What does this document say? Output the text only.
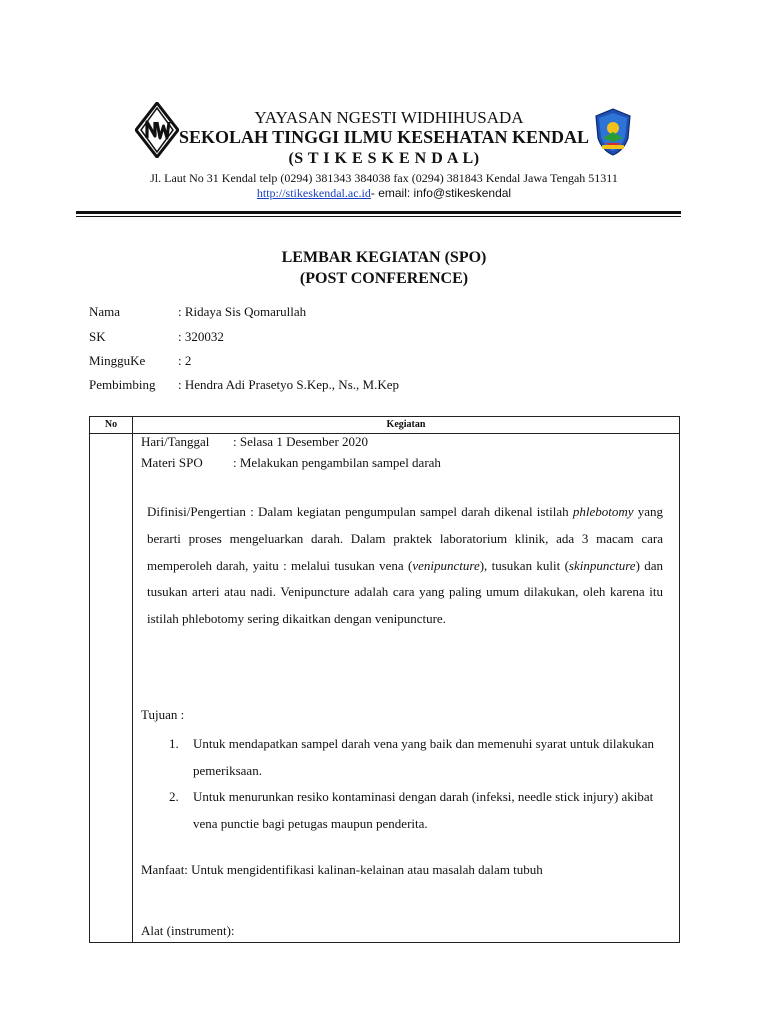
YAYASAN NGESTI WIDHIHUSADA
SEKOLAH TINGGI ILMU KESEHATAN KENDAL
(S T I K E S K E N D A L)
Jl. Laut No 31 Kendal telp (0294) 381343 384038 fax (0294) 381843 Kendal Jawa Tengah 51311
http://stikeskendal.ac.id- email: info@stikeskendal
LEMBAR KEGIATAN (SPO)
(POST CONFERENCE)
Nama	: Ridaya Sis Qomarullah
SK	: 320032
MingguKe	: 2
Pembimbing : Hendra Adi Prasetyo S.Kep., Ns., M.Kep
No	Kegiatan
Hari/Tanggal : Selasa 1 Desember 2020
Materi SPO : Melakukan pengambilan sampel darah
Difinisi/Pengertian : Dalam kegiatan pengumpulan sampel darah dikenal istilah phlebotomy yang berarti proses mengeluarkan darah. Dalam praktek laboratorium klinik, ada 3 macam cara memperoleh darah, yaitu : melalui tusukan vena (venipuncture), tusukan kulit (skinpuncture) dan tusukan arteri atau nadi. Venipuncture adalah cara yang paling umum dilakukan, oleh karena itu istilah phlebotomy sering dikaitkan dengan venipuncture.
Tujuan :
1. Untuk mendapatkan sampel darah vena yang baik dan memenuhi syarat untuk dilakukan pemeriksaan.
2. Untuk menurunkan resiko kontaminasi dengan darah (infeksi, needle stick injury) akibat vena punctie bagi petugas maupun penderita.
Manfaat: Untuk mengidentifikasi kalinan-kelainan atau masalah dalam tubuh
Alat (instrument):
